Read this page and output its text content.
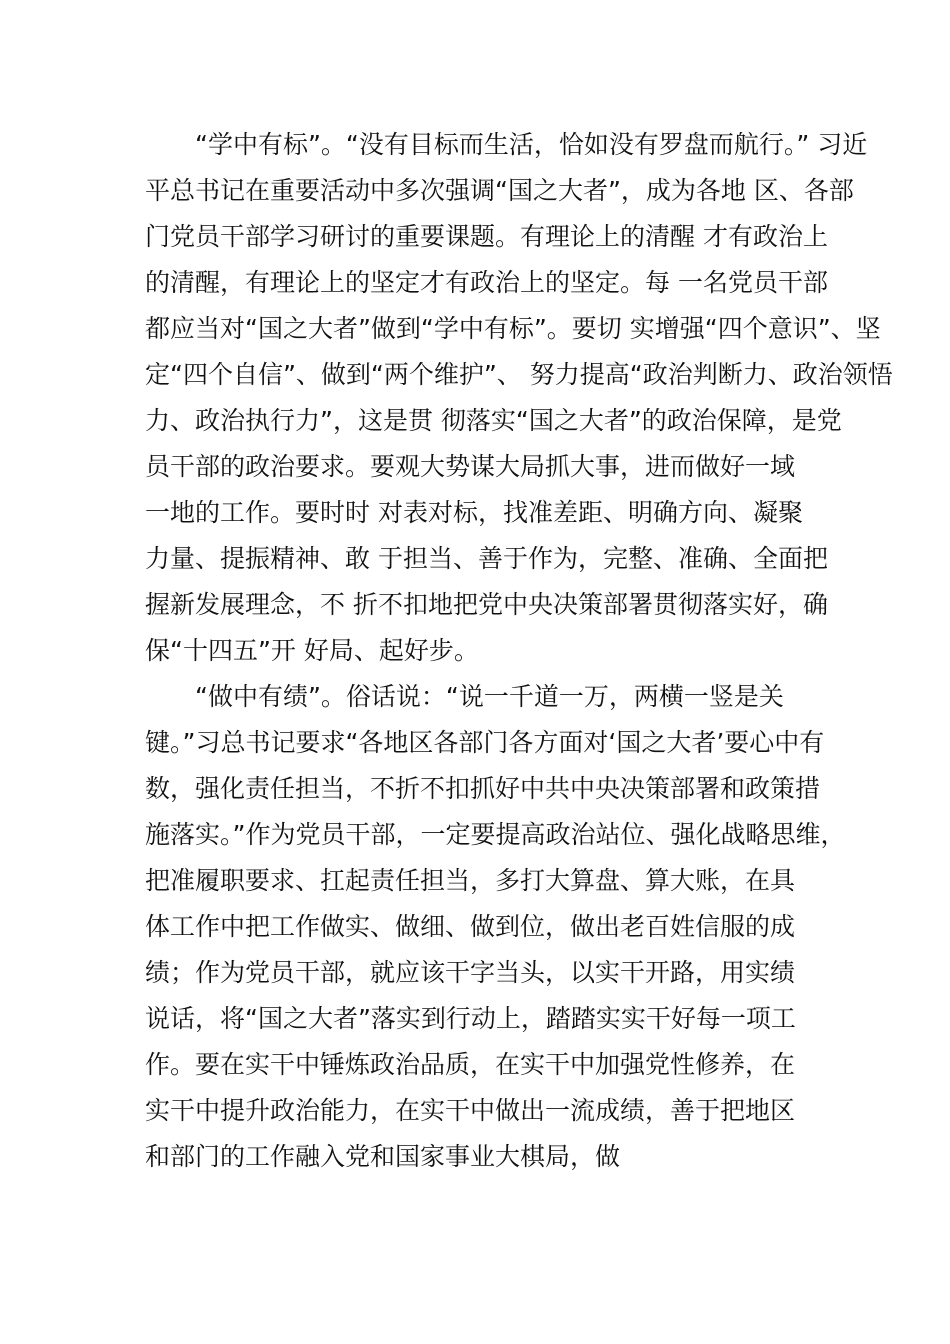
“学中有标”。“没有目标而生活，恰如没有罗盘而航行。” 习近
平总书记在重要活动中多次强调“国之大者”，成为各地 区、各部
门党员干部学习研讨的重要课题。有理论上的清醒 才有政治上
的清醒，有理论上的坚定才有政治上的坚定。每 一名党员干部
都应当对“国之大者”做到“学中有标”。要切 实增强“四个意识”、坚
定“四个自信”、做到“两个维护”、 努力提高“政治判断力、政治领悟
力、政治执行力”，这是贯 彻落实“国之大者”的政治保障，是党
员干部的政治要求。要观大势谋大局抓大事，进而做好一域
一地的工作。要时时 对表对标，找准差距、明确方向、凝聚
力量、提振精神、敢 于担当、善于作为，完整、准确、全面把
握新发展理念，不 折不扣地把党中央决策部署贯彻落实好，确
保“十四五”开 好局、起好步。
“做中有绩”。俗话说：“说一千道一万，两横一竖是关
键。”习总书记要求“各地区各部门各方面对‘国之大者’要心中有
数，强化责任担当，不折不扣抓好中共中央决策部署和政策措
施落实。”作为党员干部，一定要提高政治站位、强化战略思维，
把准履职要求、扛起责任担当，多打大算盘、算大账，在具
体工作中把工作做实、做细、做到位，做出老百姓信服的成
绩；作为党员干部，就应该干字当头，以实干开路，用实绩
说话，将“国之大者”落实到行动上，踏踏实实干好每一项工
作。要在实干中锤炼政治品质，在实干中加强党性修养，在
实干中提升政治能力，在实干中做出一流成绩，善于把地区
和部门的工作融入党和国家事业大棋局，做
